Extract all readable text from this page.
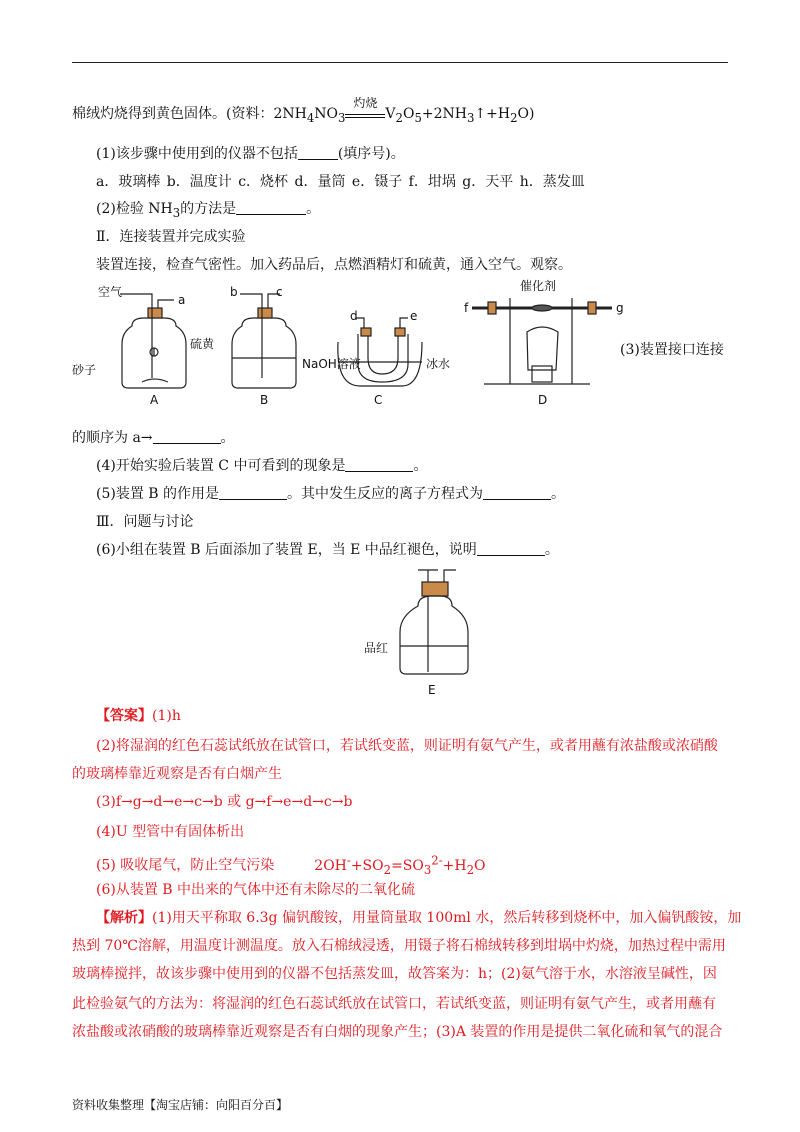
棉绒灼烧得到黄色固体。(资料：$2NH_4NO_3$
灼烧
$V_2O_5+2NH_3↑+H_2O$)
(1)该步骤中使用到的仪器不包括	(填序号)。
a．玻璃棒 b．温度计 c．烧杯 d．量筒 e．镊子 f．坩埚 g．天平 h．蒸发皿
(2)检验 $NH_3$的方法是	。
Ⅱ．连接装置并完成实验
装置连接，检查气密性。加入药品后，点燃酒精灯和硫黄，通入空气。观察。
空气
a
硫黄
砂子
A
b	c
NaOH溶液
B
d	e
冰水
C
催化剂
f	g
D
(3)装置接口连接
的顺序为 a→	。
(4)开始实验后装置 C 中可看到的现象是	。
(5)装置 B 的作用是	。其中发生反应的离子方程式为	。
Ⅲ．问题与讨论
(6)小组在装置 B 后面添加了装置 E，当 E 中品红褪色，说明	。
品红
E
【答案】(1)h
(2)将湿润的红色石蕊试纸放在试管口，若试纸变蓝，则证明有氨气产生，或者用蘸有浓盐酸或浓硝酸
的玻璃棒靠近观察是否有白烟产生
(3)f→g→d→e→c→b 或 g→f→e→d→c→b
(4)U 型管中有固体析出
(5) 吸收尾气，防止空气污染	$2OH^-+SO_2=SO_3^{2-}+H_2O$
(6)从装置 B 中出来的气体中还有未除尽的二氧化硫
【解析】(1)用天平称取 6.3g 偏钒酸铵，用量筒量取 100ml 水，然后转移到烧杯中，加入偏钒酸铵，加
热到 70℃溶解，用温度计测温度。放入石棉绒浸透，用镊子将石棉绒转移到坩埚中灼烧，加热过程中需用
玻璃棒搅拌，故该步骤中使用到的仪器不包括蒸发皿，故答案为：h；(2)氨气溶于水，水溶液呈碱性，因
此检验氨气的方法为：将湿润的红色石蕊试纸放在试管口，若试纸变蓝，则证明有氨气产生，或者用蘸有
浓盐酸或浓硝酸的玻璃棒靠近观察是否有白烟的现象产生；(3)A 装置的作用是提供二氧化硫和氧气的混合
资料收集整理【淘宝店铺：向阳百分百】
